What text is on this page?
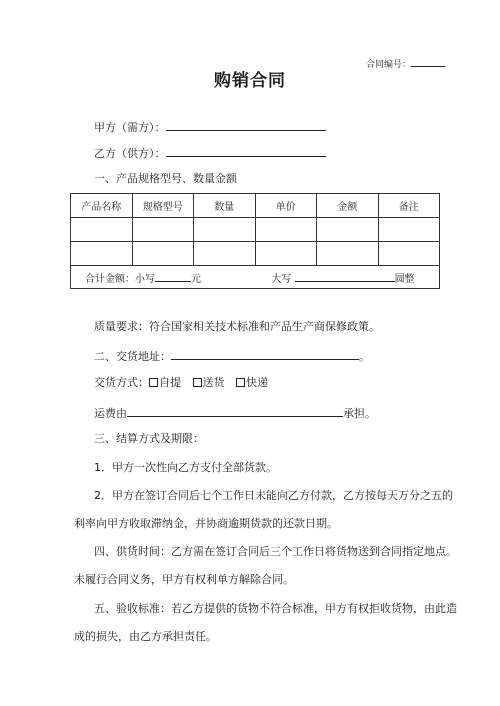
合同编号：
购销合同
甲方（需方）：
乙方（供方）：
一、产品规格型号、数量金额
产品名称	规格型号	数量	单价	金额	备注

合计金额：小写 元 大写 圆整					
质量要求：符合国家相关技术标准和产品生产商保修政策。
二、交货地址：	。
交货方式： 自提 送货 快递
运费由	承担。
三、结算方式及期限：
1．甲方一次性向乙方支付全部货款。
2．甲方在签订合同后七个工作日未能向乙方付款，乙方按每天万分之五的
利率向甲方收取滞纳金，并协商逾期货款的还款日期。
四、供货时间：乙方需在签订合同后三个工作日将货物送到合同指定地点。
未履行合同义务，甲方有权利单方解除合同。
五、验收标准：若乙方提供的货物不符合标准，甲方有权拒收货物，由此造
成的损失，由乙方承担责任。
